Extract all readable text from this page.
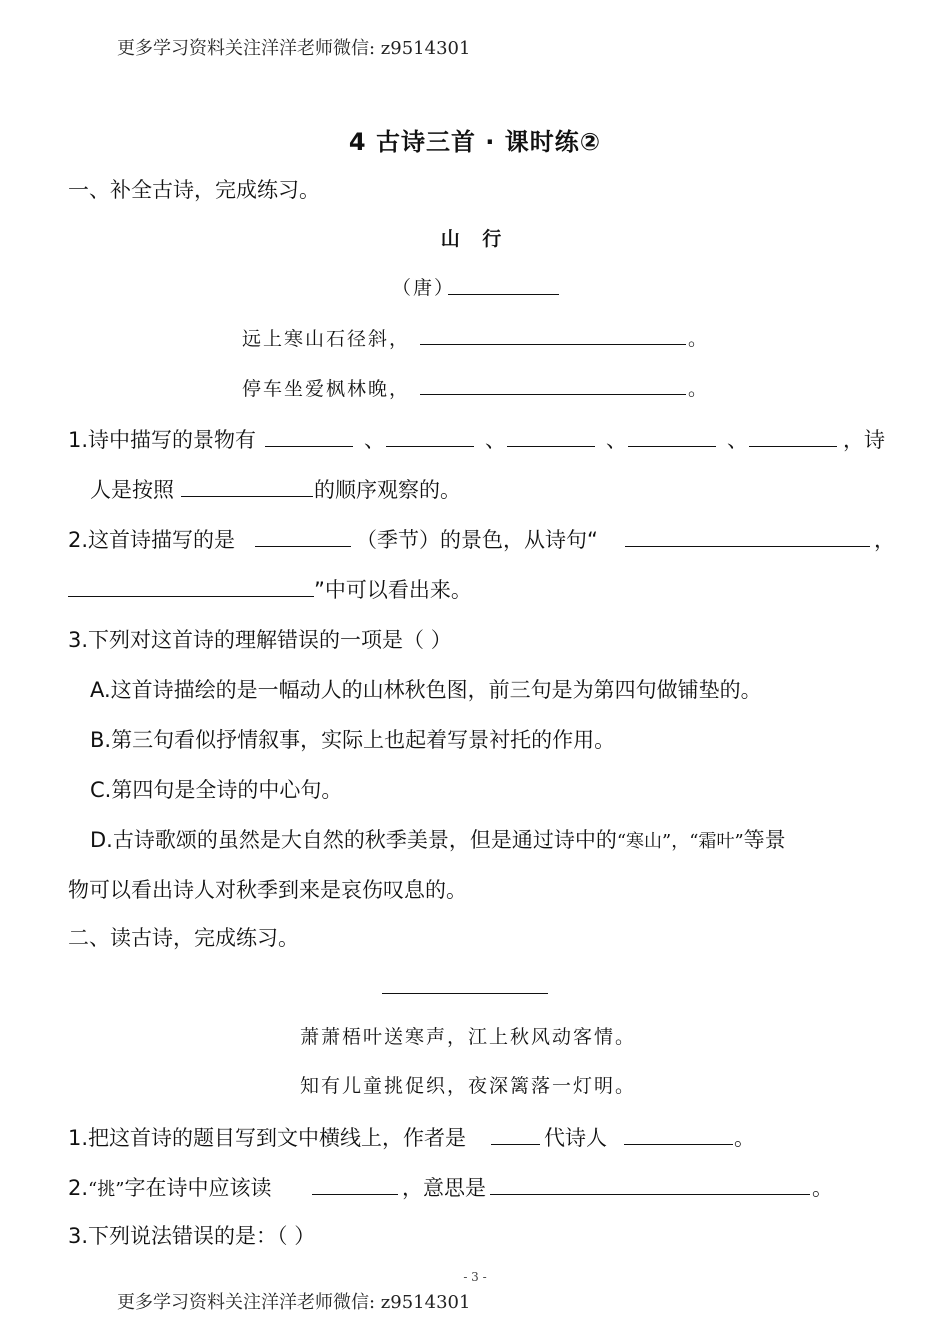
更多学习资料关注洋洋老师微信: z9514301
4 古诗三首 · 课时练②
一、补全古诗，完成练习。
山 行
（唐）
远上寒山石径斜，	。
停车坐爱枫林晚，	。
1.诗中描写的景物有	、	、	、	、	，诗
人是按照	的顺序观察的。
2.这首诗描写的是	（季节）的景色，从诗句“	，
”中可以看出来。
3.下列对这首诗的理解错误的一项是（ ）
A.这首诗描绘的是一幅动人的山林秋色图，前三句是为第四句做铺垫的。
B.第三句看似抒情叙事，实际上也起着写景衬托的作用。
C.第四句是全诗的中心句。
D.古诗歌颂的虽然是大自然的秋季美景，但是通过诗中的“寒山”，“霜叶”等景
物可以看出诗人对秋季到来是哀伤叹息的。
二、读古诗，完成练习。
萧萧梧叶送寒声，江上秋风动客情。
知有儿童挑促织，夜深篱落一灯明。
1.把这首诗的题目写到文中横线上，作者是	代诗人	。
2.“挑”字在诗中应该读	，意思是	。
3.下列说法错误的是：（ ）
- 3 -
更多学习资料关注洋洋老师微信: z9514301
